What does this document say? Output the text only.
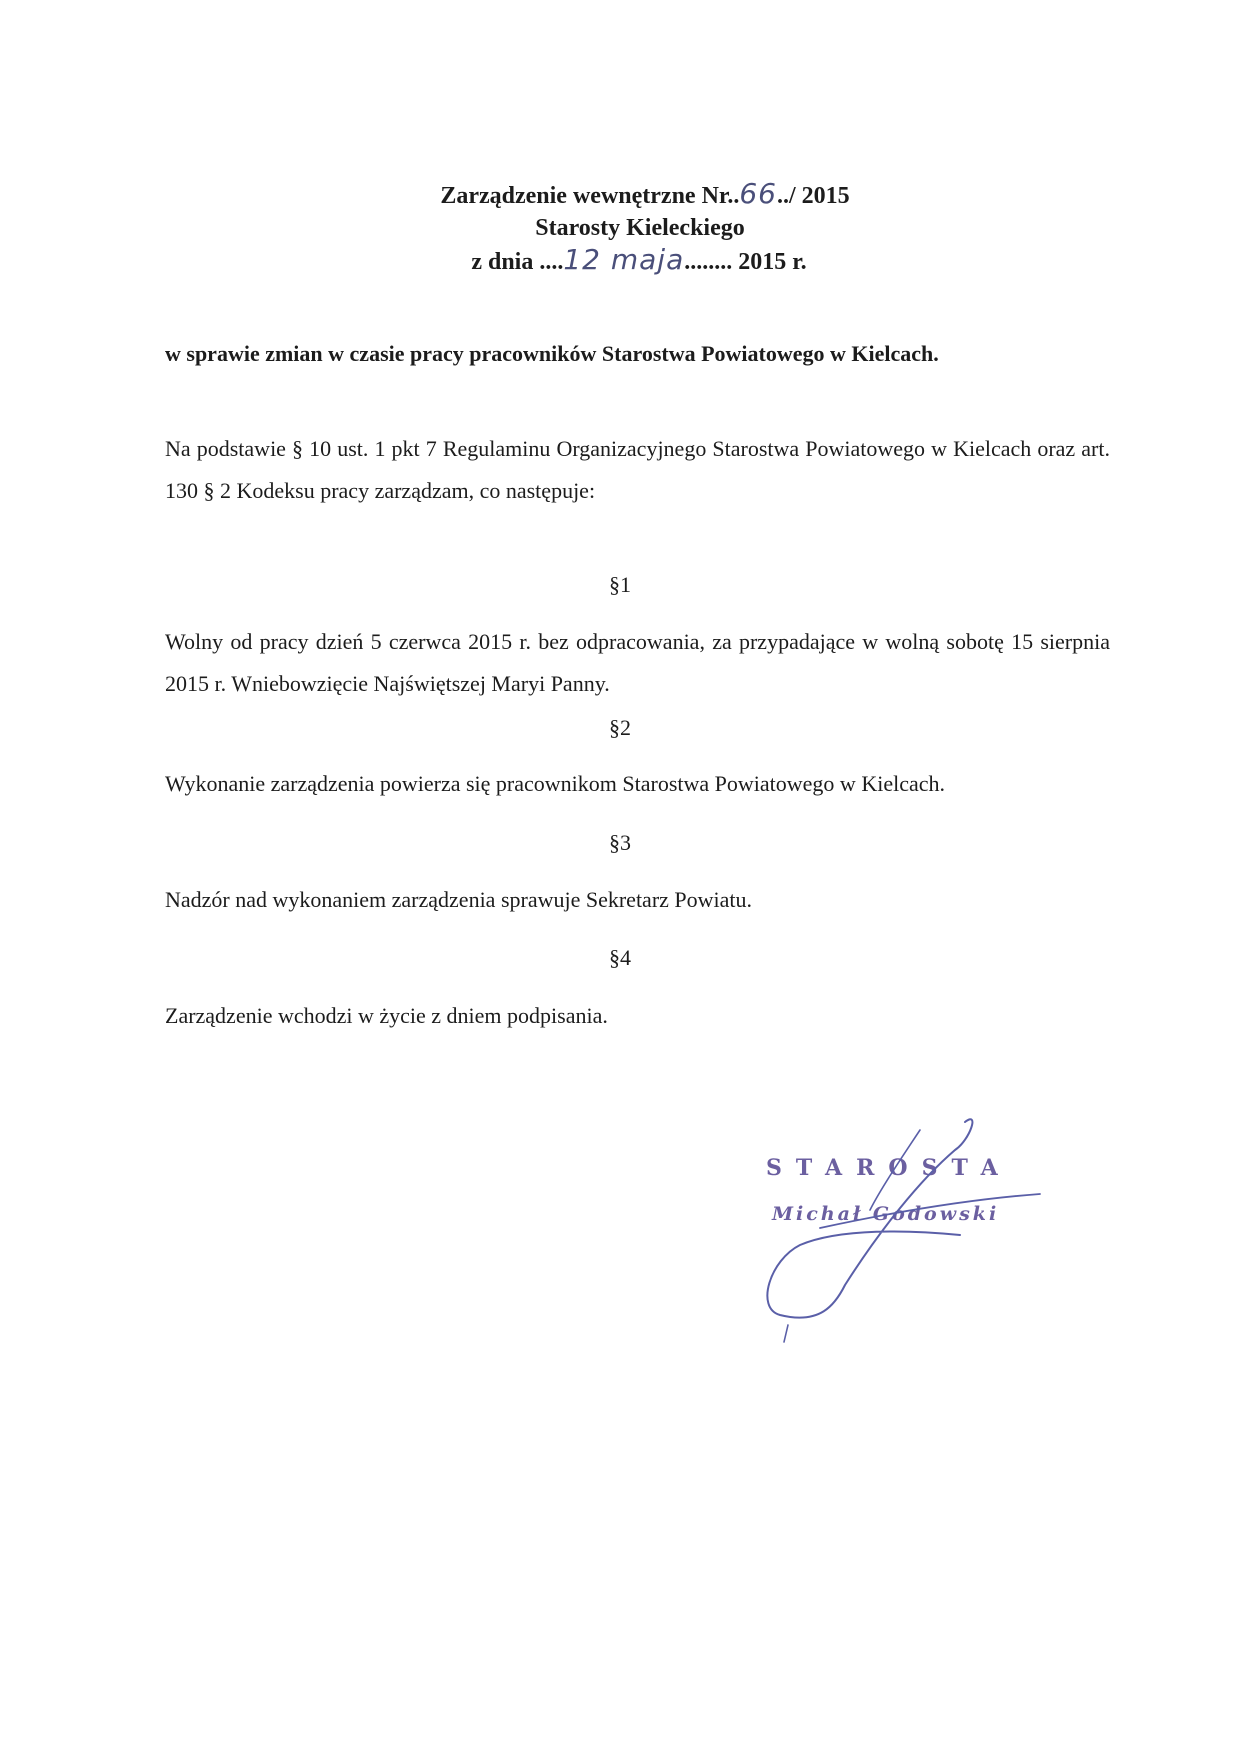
Zarządzenie wewnętrzne Nr..66../ 2015
Starosty Kieleckiego
z dnia ....12 maja........ 2015 r.
w sprawie zmian w czasie pracy pracowników Starostwa Powiatowego w Kielcach.
Na podstawie § 10 ust. 1 pkt 7 Regulaminu Organizacyjnego Starostwa Powiatowego w Kielcach oraz art. 130 § 2 Kodeksu pracy zarządzam, co następuje:
§1
Wolny od pracy dzień 5 czerwca 2015 r. bez odpracowania, za przypadające w wolną sobotę 15 sierpnia 2015 r. Wniebowzięcie Najświętszej Maryi Panny.
§2
Wykonanie zarządzenia powierza się pracownikom Starostwa Powiatowego w Kielcach.
§3
Nadzór nad wykonaniem zarządzenia sprawuje Sekretarz Powiatu.
§4
Zarządzenie wchodzi w życie z dniem podpisania.
STAROSTA
Michał Godowski
